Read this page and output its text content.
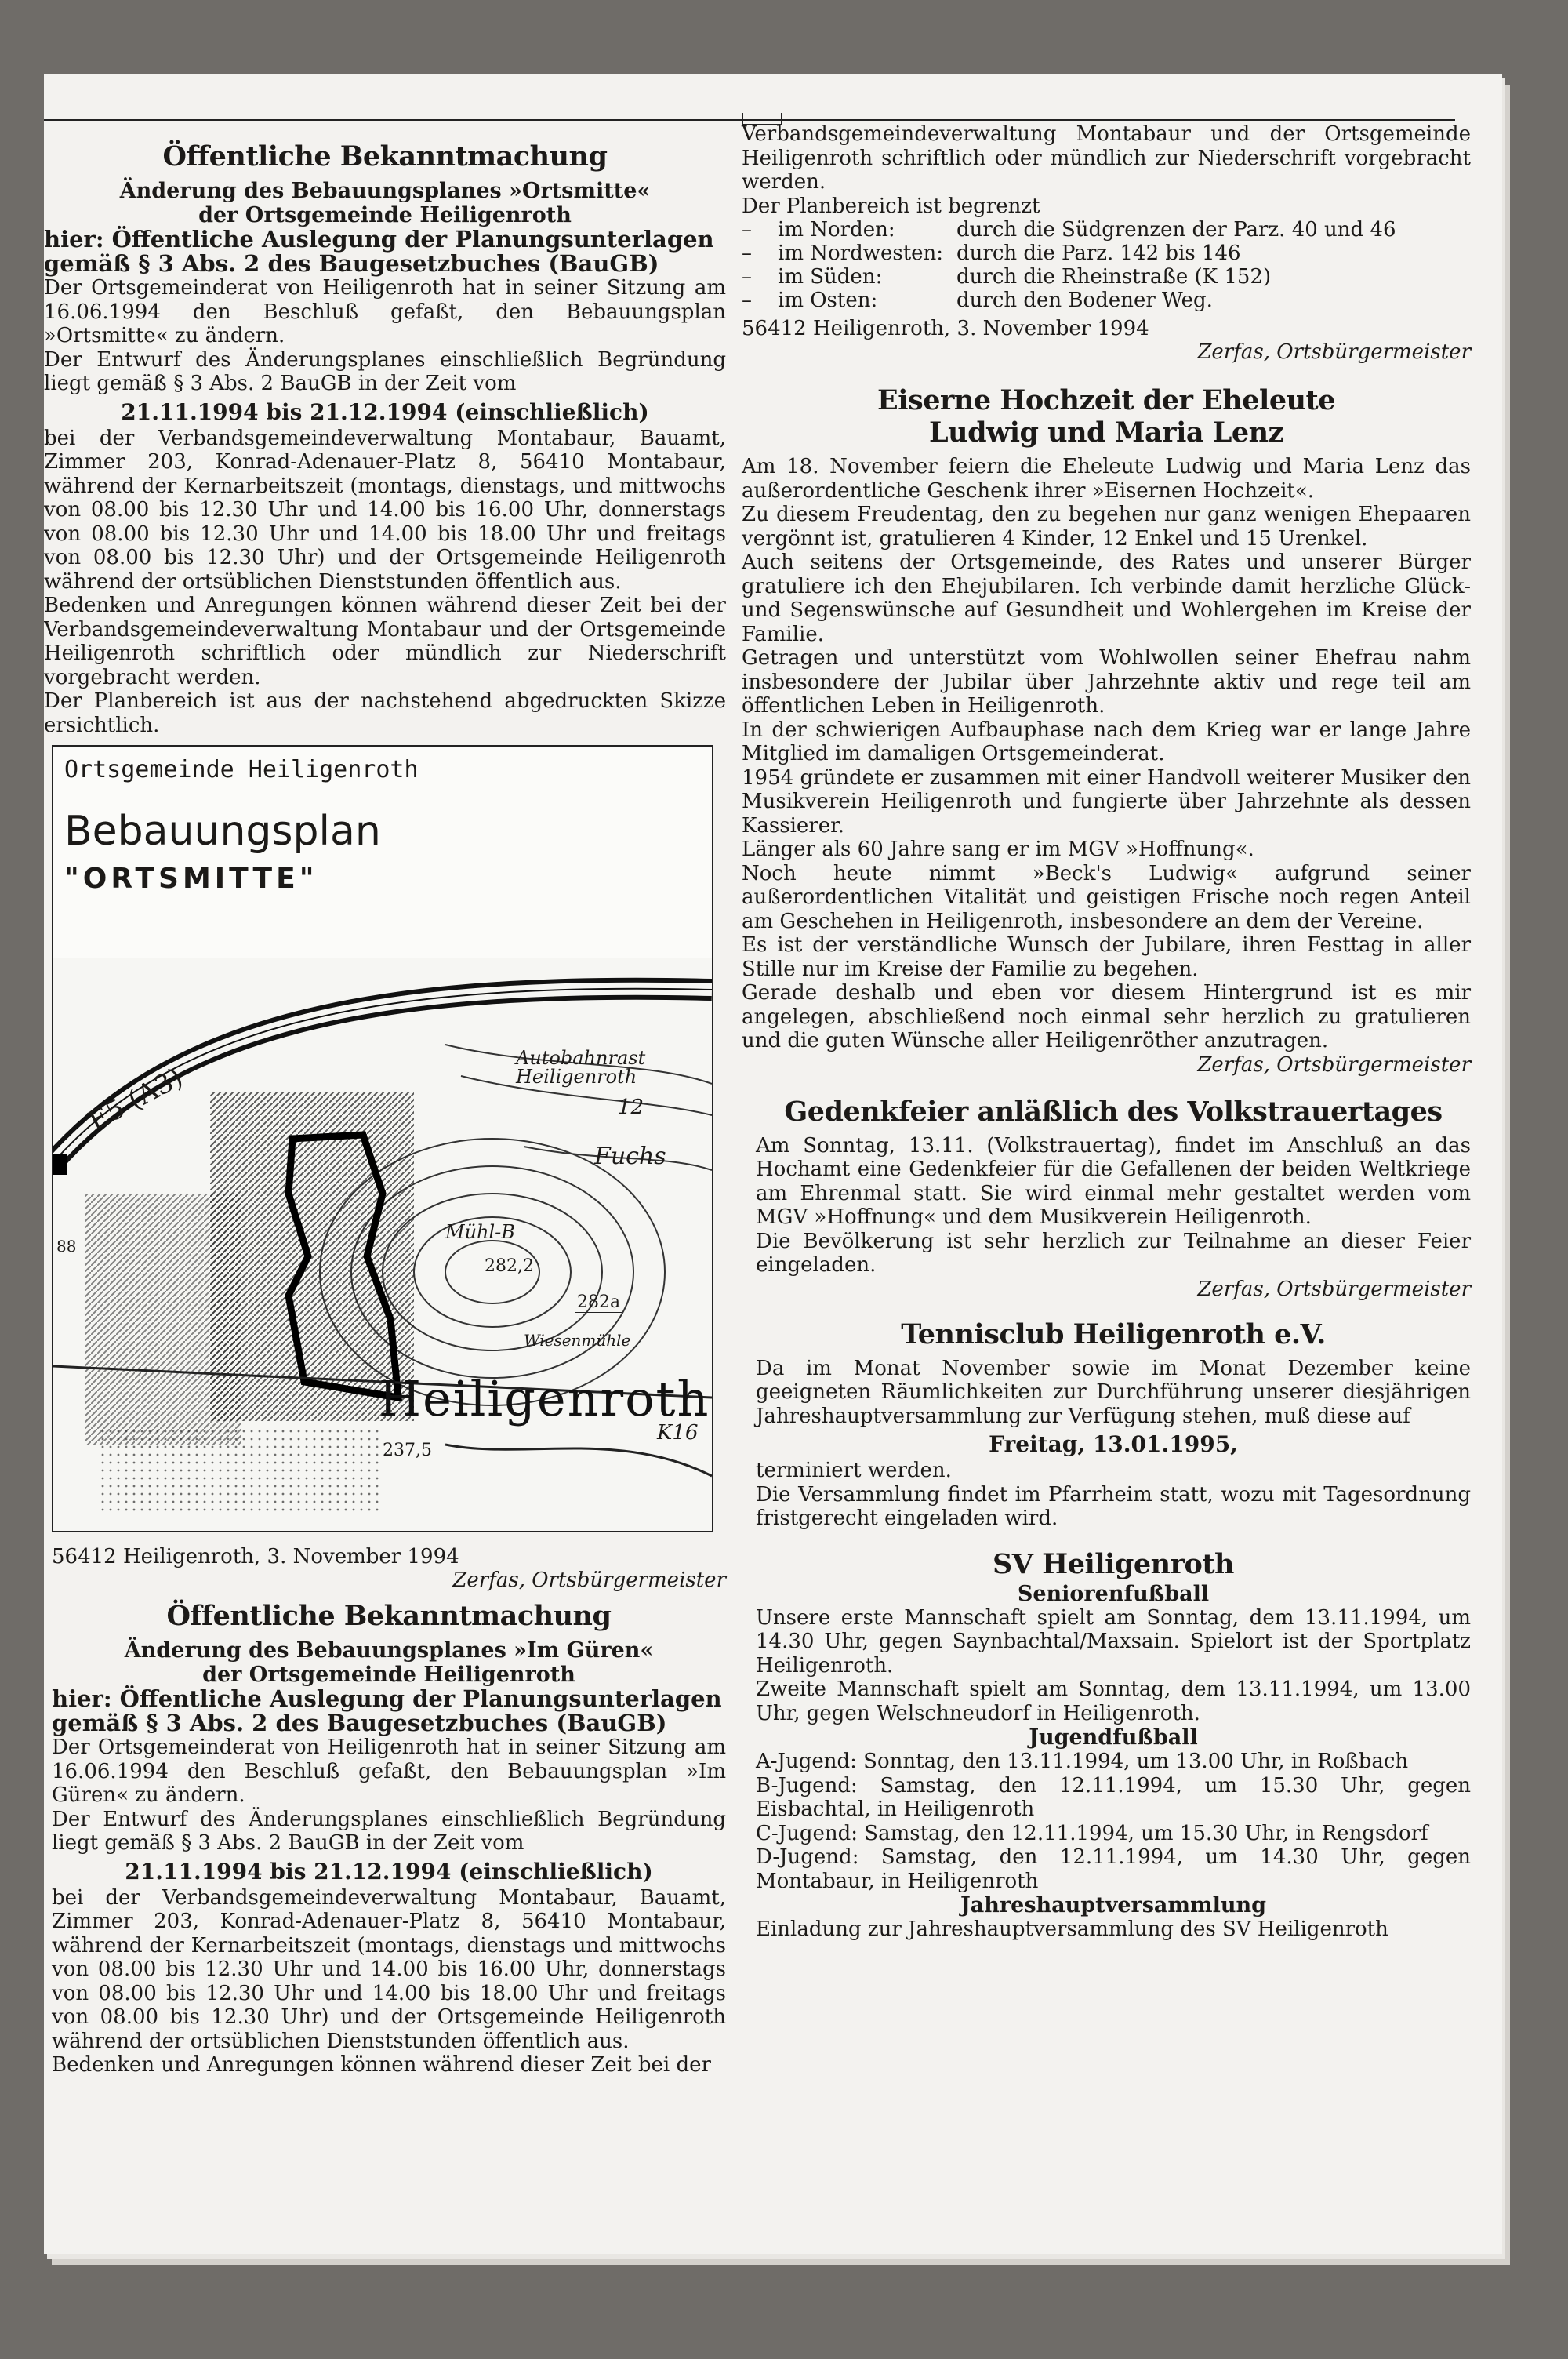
Öffentliche Bekanntmachung
Änderung des Bebauungsplanes »Ortsmitte«
der Ortsgemeinde Heiligenroth
hier: Öffentliche Auslegung der Planungsunterlagen gemäß § 3 Abs. 2 des Baugesetzbuches (BauGB)

Der Ortsgemeinderat von Heiligenroth hat in seiner Sitzung am 16.06.1994 den Beschluß gefaßt, den Bebauungsplan »Ortsmitte« zu ändern.

Der Entwurf des Änderungsplanes einschließlich Begründung liegt gemäß § 3 Abs. 2 BauGB in der Zeit vom

21.11.1994 bis 21.12.1994 (einschließlich)

bei der Verbandsgemeindeverwaltung Montabaur, Bauamt, Zimmer 203, Konrad-Adenauer-Platz 8, 56410 Montabaur, während der Kernarbeitszeit (montags, dienstags, und mittwochs von 08.00 bis 12.30 Uhr und 14.00 bis 16.00 Uhr, donnerstags von 08.00 bis 12.30 Uhr und 14.00 bis 18.00 Uhr und freitags von 08.00 bis 12.30 Uhr) und der Ortsgemeinde Heiligenroth während der ortsüblichen Dienststunden öffentlich aus.

Bedenken und Anregungen können während dieser Zeit bei der Verbandsgemeindeverwaltung Montabaur und der Ortsgemeinde Heiligenroth schriftlich oder mündlich zur Niederschrift vorgebracht werden.

Der Planbereich ist aus der nachstehend abgedruckten Skizze ersichtlich.

Ortsgemeinde Heiligenroth
Bebauungsplan
"ORTSMITTE"
E5 (A3)
Autobahnrast Heiligenroth
Fuchs
Mühl-B
282,2
282a
237,5
Wiesenmühle
K16
12
88
Heiligenroth
56412 Heiligenroth, 3. November 1994
Zerfas, Ortsbürgermeister
Öffentliche Bekanntmachung
Änderung des Bebauungsplanes »Im Güren«
der Ortsgemeinde Heiligenroth
hier: Öffentliche Auslegung der Planungsunterlagen gemäß § 3 Abs. 2 des Baugesetzbuches (BauGB)

Der Ortsgemeinderat von Heiligenroth hat in seiner Sitzung am 16.06.1994 den Beschluß gefaßt, den Bebauungsplan »Im Güren« zu ändern.

Der Entwurf des Änderungsplanes einschließlich Begründung liegt gemäß § 3 Abs. 2 BauGB in der Zeit vom

21.11.1994 bis 21.12.1994 (einschließlich)

bei der Verbandsgemeindeverwaltung Montabaur, Bauamt, Zimmer 203, Konrad-Adenauer-Platz 8, 56410 Montabaur, während der Kernarbeitszeit (montags, dienstags und mittwochs von 08.00 bis 12.30 Uhr und 14.00 bis 16.00 Uhr, donnerstags von 08.00 bis 12.30 Uhr und 14.00 bis 18.00 Uhr und freitags von 08.00 bis 12.30 Uhr) und der Ortsgemeinde Heiligenroth während der ortsüblichen Dienststunden öffentlich aus.

Bedenken und Anregungen können während dieser Zeit bei der

Verbandsgemeindeverwaltung Montabaur und der Ortsgemeinde Heiligenroth schriftlich oder mündlich zur Niederschrift vorgebracht werden.

Der Planbereich ist begrenzt

–	im Norden:	durch die Südgrenzen der Parz. 40 und 46
–	im Nordwesten: durch die Parz. 142 bis 146
–	im Süden:	durch die Rheinstraße (K 152)
–	im Osten:	durch den Bodener Weg.
56412 Heiligenroth, 3. November 1994
Zerfas, Ortsbürgermeister
Eiserne Hochzeit der Eheleute
Ludwig und Maria Lenz

Am 18. November feiern die Eheleute Ludwig und Maria Lenz das außerordentliche Geschenk ihrer »Eisernen Hochzeit«.

Zu diesem Freudentag, den zu begehen nur ganz wenigen Ehepaaren vergönnt ist, gratulieren 4 Kinder, 12 Enkel und 15 Urenkel.

Auch seitens der Ortsgemeinde, des Rates und unserer Bürger gratuliere ich den Ehejubilaren. Ich verbinde damit herzliche Glück- und Segenswünsche auf Gesundheit und Wohlergehen im Kreise der Familie.

Getragen und unterstützt vom Wohlwollen seiner Ehefrau nahm insbesondere der Jubilar über Jahrzehnte aktiv und rege teil am öffentlichen Leben in Heiligenroth.

In der schwierigen Aufbauphase nach dem Krieg war er lange Jahre Mitglied im damaligen Ortsgemeinderat.

1954 gründete er zusammen mit einer Handvoll weiterer Musiker den Musikverein Heiligenroth und fungierte über Jahrzehnte als dessen Kassierer.

Länger als 60 Jahre sang er im MGV »Hoffnung«.

Noch heute nimmt »Beck's Ludwig« aufgrund seiner außerordentlichen Vitalität und geistigen Frische noch regen Anteil am Geschehen in Heiligenroth, insbesondere an dem der Vereine.

Es ist der verständliche Wunsch der Jubilare, ihren Festtag in aller Stille nur im Kreise der Familie zu begehen.

Gerade deshalb und eben vor diesem Hintergrund ist es mir angelegen, abschließend noch einmal sehr herzlich zu gratulieren und die guten Wünsche aller Heiligenröther anzutragen.

Zerfas, Ortsbürgermeister
Gedenkfeier anläßlich des Volkstrauertages

Am Sonntag, 13.11. (Volkstrauertag), findet im Anschluß an das Hochamt eine Gedenkfeier für die Gefallenen der beiden Weltkriege am Ehrenmal statt. Sie wird einmal mehr gestaltet werden vom MGV »Hoffnung« und dem Musikverein Heiligenroth.

Die Bevölkerung ist sehr herzlich zur Teilnahme an dieser Feier eingeladen.

Zerfas, Ortsbürgermeister
Tennisclub Heiligenroth e.V.

Da im Monat November sowie im Monat Dezember keine geeigneten Räumlichkeiten zur Durchführung unserer diesjährigen Jahreshauptversammlung zur Verfügung stehen, muß diese auf

Freitag, 13.01.1995,

terminiert werden.

Die Versammlung findet im Pfarrheim statt, wozu mit Tagesordnung fristgerecht eingeladen wird.

SV Heiligenroth
Seniorenfußball

Unsere erste Mannschaft spielt am Sonntag, dem 13.11.1994, um 14.30 Uhr, gegen Saynbachtal/Maxsain. Spielort ist der Sportplatz Heiligenroth.

Zweite Mannschaft spielt am Sonntag, dem 13.11.1994, um 13.00 Uhr, gegen Welschneudorf in Heiligenroth.

Jugendfußball

A-Jugend: Sonntag, den 13.11.1994, um 13.00 Uhr, in Roßbach

B-Jugend: Samstag, den 12.11.1994, um 15.30 Uhr, gegen Eisbachtal, in Heiligenroth

C-Jugend: Samstag, den 12.11.1994, um 15.30 Uhr, in Rengsdorf

D-Jugend: Samstag, den 12.11.1994, um 14.30 Uhr, gegen Montabaur, in Heiligenroth

Jahreshauptversammlung

Einladung zur Jahreshauptversammlung des SV Heiligenroth
